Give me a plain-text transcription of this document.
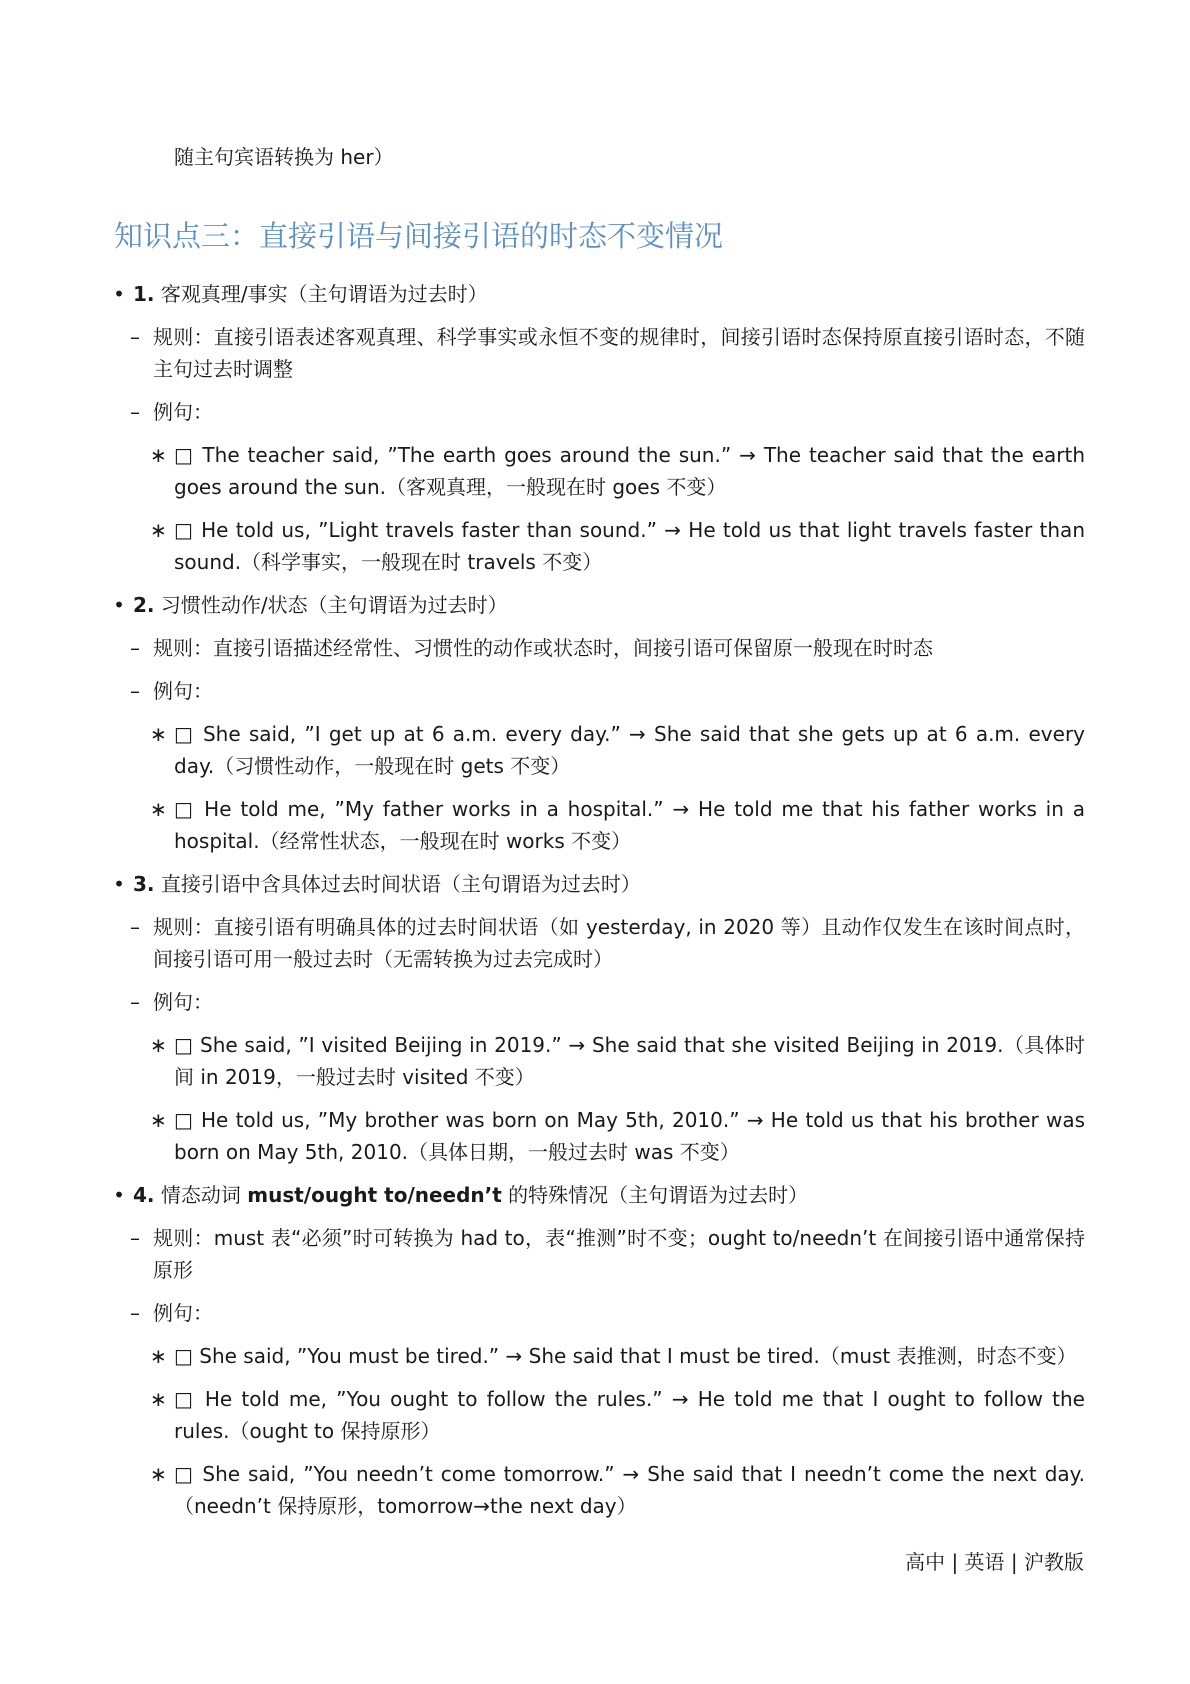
随主句宾语转换为 her）
知识点三：直接引语与间接引语的时态不变情况
• 1. 客观真理/事实（主句谓语为过去时）
– 规则：直接引语表述客观真理、科学事实或永恒不变的规律时，间接引语时态保持原直接引语时态，不随主句过去时调整
– 例句：
∗ □ The teacher said, ”The earth goes around the sun.” → The teacher said that the earth goes around the sun.（客观真理，一般现在时 goes 不变）
∗ □ He told us, ”Light travels faster than sound.” → He told us that light travels faster than sound.（科学事实，一般现在时 travels 不变）
• 2. 习惯性动作/状态（主句谓语为过去时）
– 规则：直接引语描述经常性、习惯性的动作或状态时，间接引语可保留原一般现在时时态
– 例句：
∗ □ She said, ”I get up at 6 a.m. every day.” → She said that she gets up at 6 a.m. every day.（习惯性动作，一般现在时 gets 不变）
∗ □ He told me, ”My father works in a hospital.” → He told me that his father works in a hospital.（经常性状态，一般现在时 works 不变）
• 3. 直接引语中含具体过去时间状语（主句谓语为过去时）
– 规则：直接引语有明确具体的过去时间状语（如 yesterday, in 2020 等）且动作仅发生在该时间点时，间接引语可用一般过去时（无需转换为过去完成时）
– 例句：
∗ □ She said, ”I visited Beijing in 2019.” → She said that she visited Beijing in 2019.（具体时间 in 2019，一般过去时 visited 不变）
∗ □ He told us, ”My brother was born on May 5th, 2010.” → He told us that his brother was born on May 5th, 2010.（具体日期，一般过去时 was 不变）
• 4. 情态动词 must/ought to/needn’t 的特殊情况（主句谓语为过去时）
– 规则：must 表“必须”时可转换为 had to，表“推测”时不变；ought to/needn’t 在间接引语中通常保持原形
– 例句：
∗ □ She said, ”You must be tired.” → She said that I must be tired.（must 表推测，时态不变）
∗ □ He told me, ”You ought to follow the rules.” → He told me that I ought to follow the rules.（ought to 保持原形）
∗ □ She said, ”You needn’t come tomorrow.” → She said that I needn’t come the next day.（needn’t 保持原形，tomorrow→the next day）
高中 | 英语 | 沪教版
